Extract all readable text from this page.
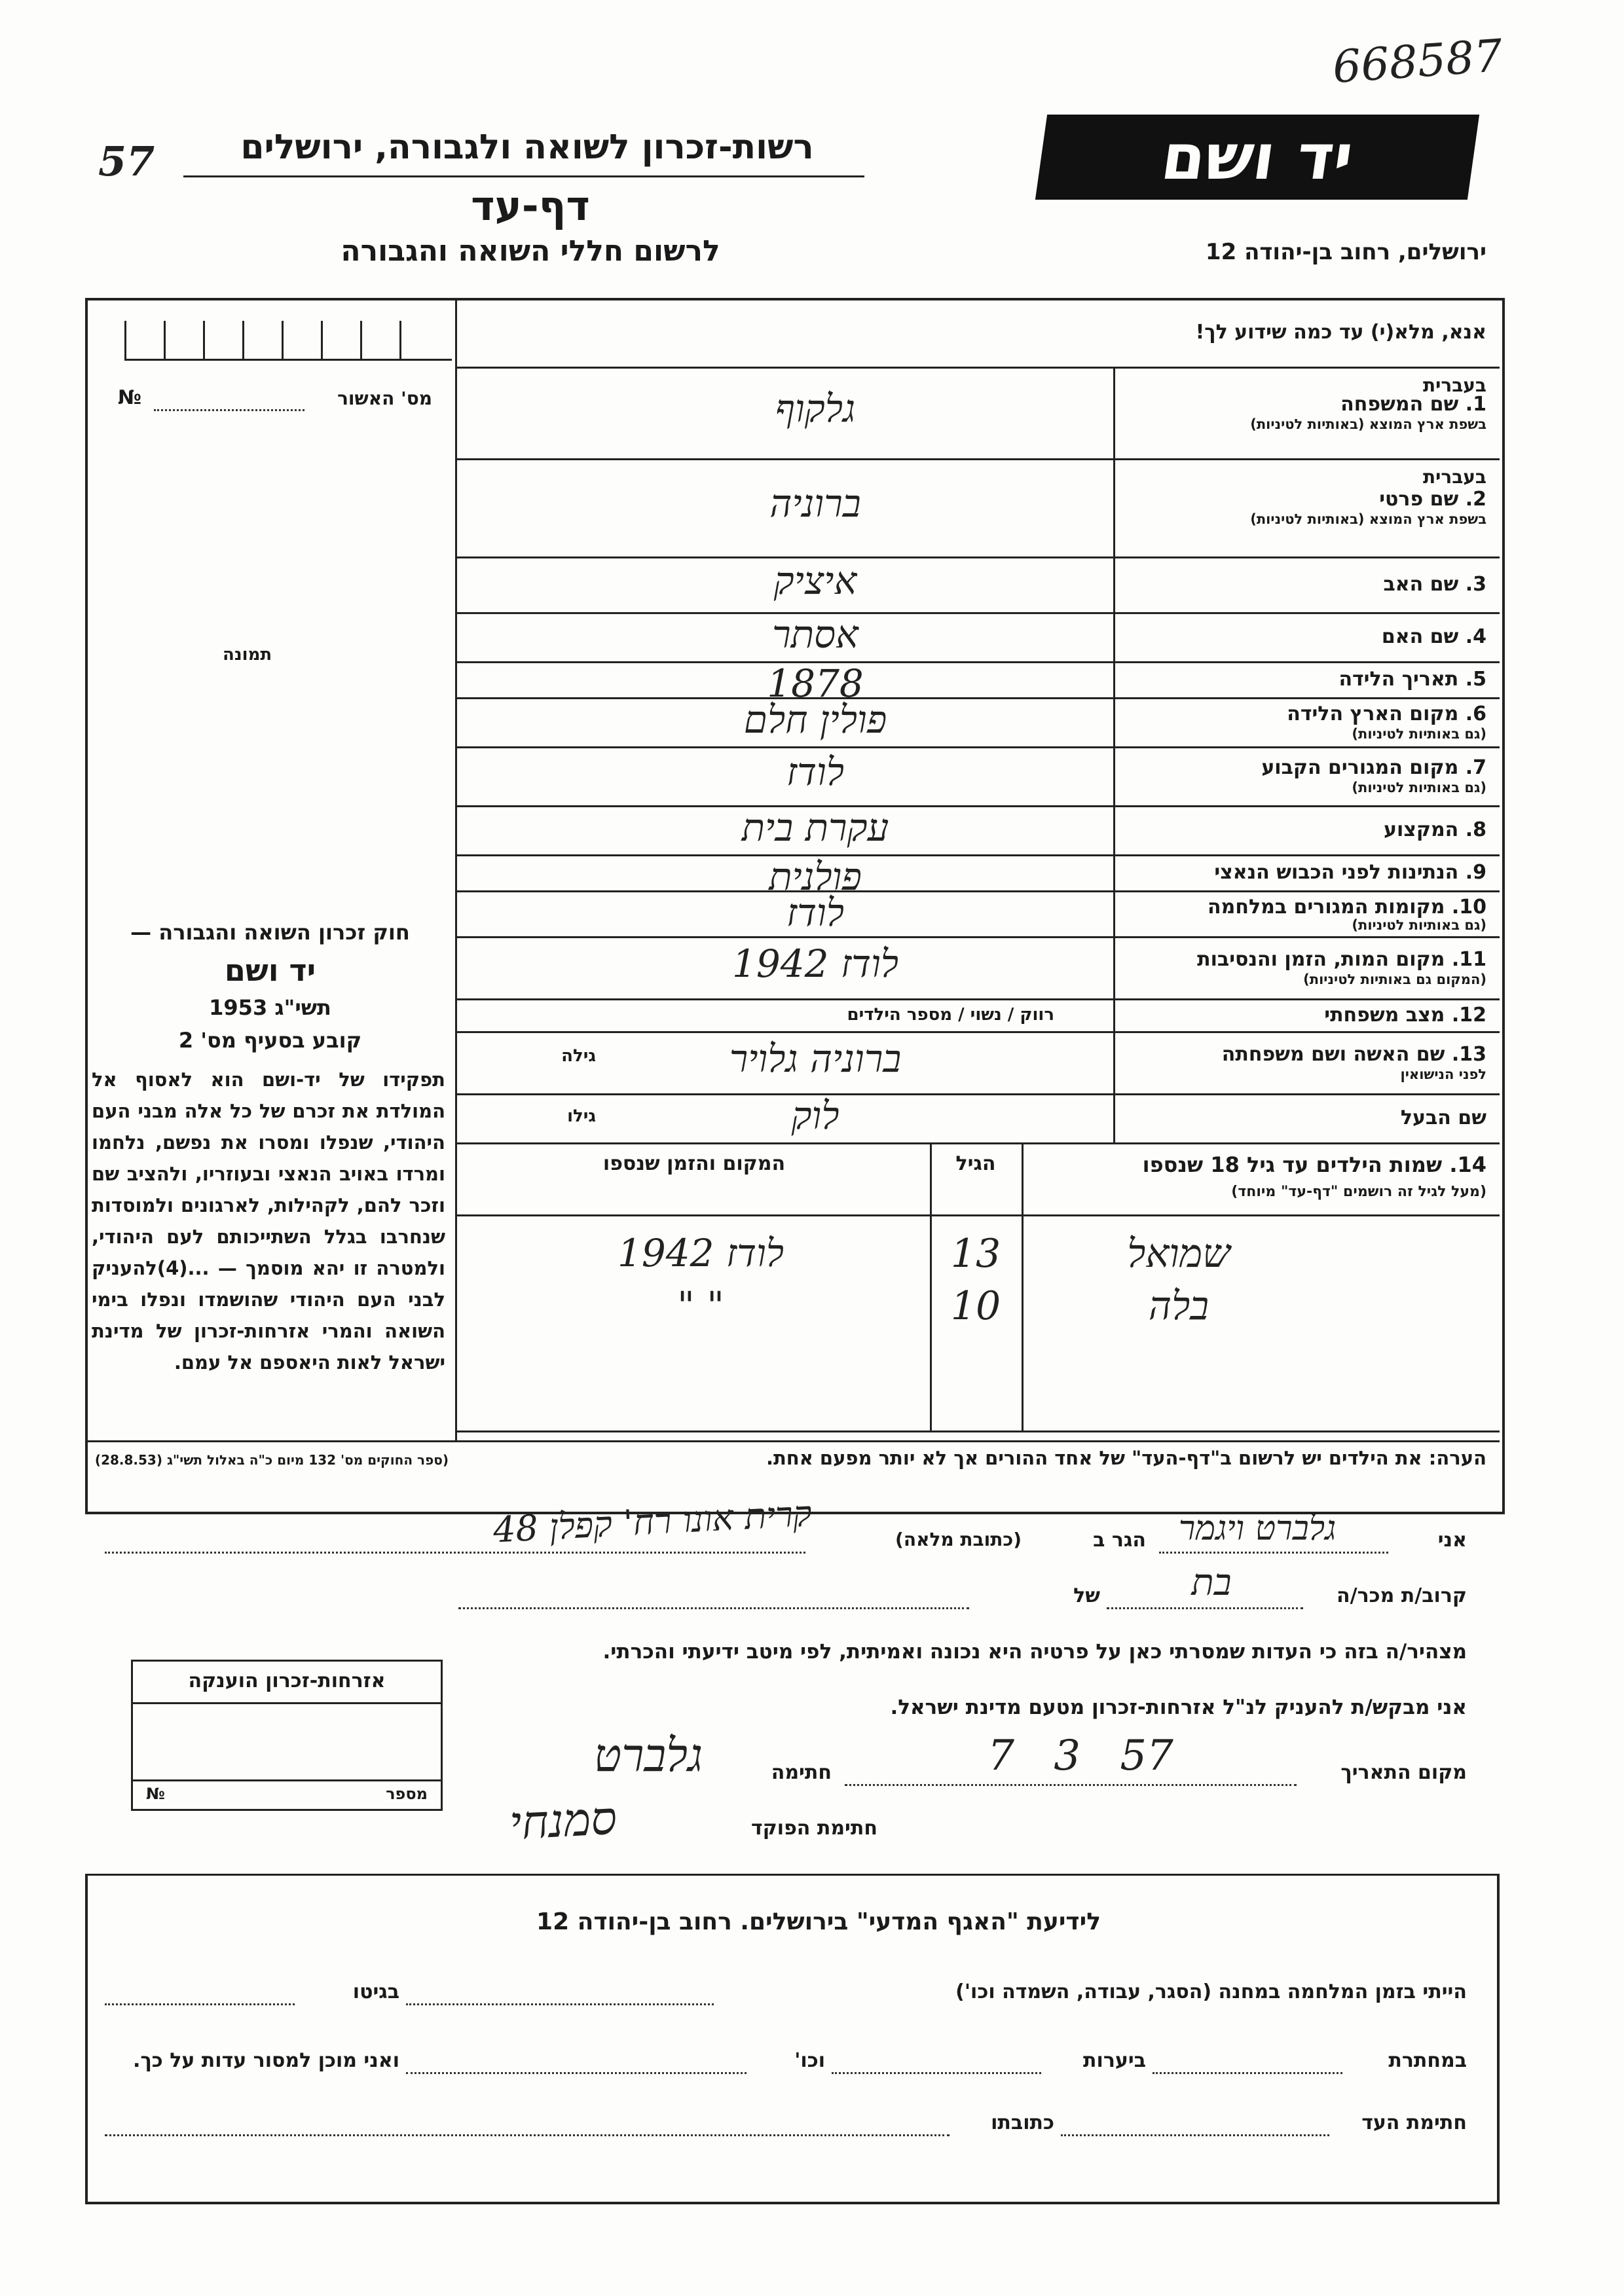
668587
57	רשות-זכרון לשואה ולגבורה, ירושלים
דף-עד
לרשום חללי השואה והגבורה
יד ושם
ירושלים, רחוב בן-יהודה 12
אנא, מלא(י) עד כמה שידוע לך!
מס' האשור
№
תמונה
חוק זכרון השואה והגבורה —
יד ושם
תשי"ג 1953
קובע בסעיף מס' 2
תפקידו של יד-ושם הוא לאסוף אל המולדת את זכרם של כל אלה מבני העם היהודי, שנפלו ומסרו את נפשם, נלחמו ומרדו באויב הנאצי ובעוזריו, ולהציב שם וזכר להם, לקהילות, לארגונים ולמוסדות שנחרבו בגלל השתייכותם לעם היהודי, ולמטרה זו יהא מוסמך — ...(4)להעניק לבני העם היהודי שהושמדו ונפלו בימי השואה והמרי אזרחות-זכרון של מדינת ישראל לאות היאספם אל עמם.
(ספר החוקים מס' 132 מיום כ"ה באלול תשי"ג (28.8.53)
1. שם המשפחה
בשפת ארץ המוצא (באותיות לטיניות)
בעברית
גלקוף
2. שם פרטי
בשפת ארץ המוצא (באותיות לטיניות)
בעברית
ברוניה
3. שם האב
איציק
4. שם האם
אסתר
5. תאריך הלידה
1878
6. מקום הארץ הלידה
(גם באותיות לטיניות)
פולין חלם
7. מקום המגורים הקבוע
(גם באותיות לטיניות)
לודז
8. המקצוע
עקרת בית
9. הנתינות לפני הכבוש הנאצי
פולנית
10. מקומות המגורים במלחמה
(גם באותיות לטיניות)
לודז
11. מקום המות, הזמן והנסיבות
(המקום גם באותיות לטיניות)
לודז 1942
12. מצב משפחתי
13. שם האשה ושם משפחתה
לפני הנישואין
ברוניה גלויר
שם הבעל
לוק
רווק / נשוי / מספר הילדים
גילה
גילו
14. שמות הילדים עד גיל 18 שנספו
(מעל לגיל זה רושמים "דף-עד" מיוחד)
הגיל
המקום והזמן שנספו
שמואל
13
לודז 1942
בלה
10
" "
הערה: את הילדים יש לרשום ב"דף-העד" של אחד ההורים אך לא יותר מפעם אחת.
אני
גלברט ויגמר
הגר ב
(כתובת מלאה)
קרית אונו רח' קפלן 48
קרוב/ת מכר/ה
בת
של
מצהיר/ה בזה כי העדות שמסרתי כאן על פרטיה היא נכונה ואמיתית, לפי מיטב ידיעתי והכרתי.
אני מבקש/ת להעניק לנ"ל אזרחות-זכרון מטעם מדינת ישראל.
מקום התאריך
7 3 57
חתימה
גלברט
חתימת הפוקד
סמנחי
אזרחות-זכרון הוענקה
מספר
№
לידיעת "האגף המדעי" בירושלים. רחוב בן-יהודה 12
הייתי בזמן המלחמה במחנה (הסגר, עבודה, השמדה וכו')
בגיטו
במחתרת
ביערות
וכו'
ואני מוכן למסור עדות על כך.
חתימת העד
כתובתו
